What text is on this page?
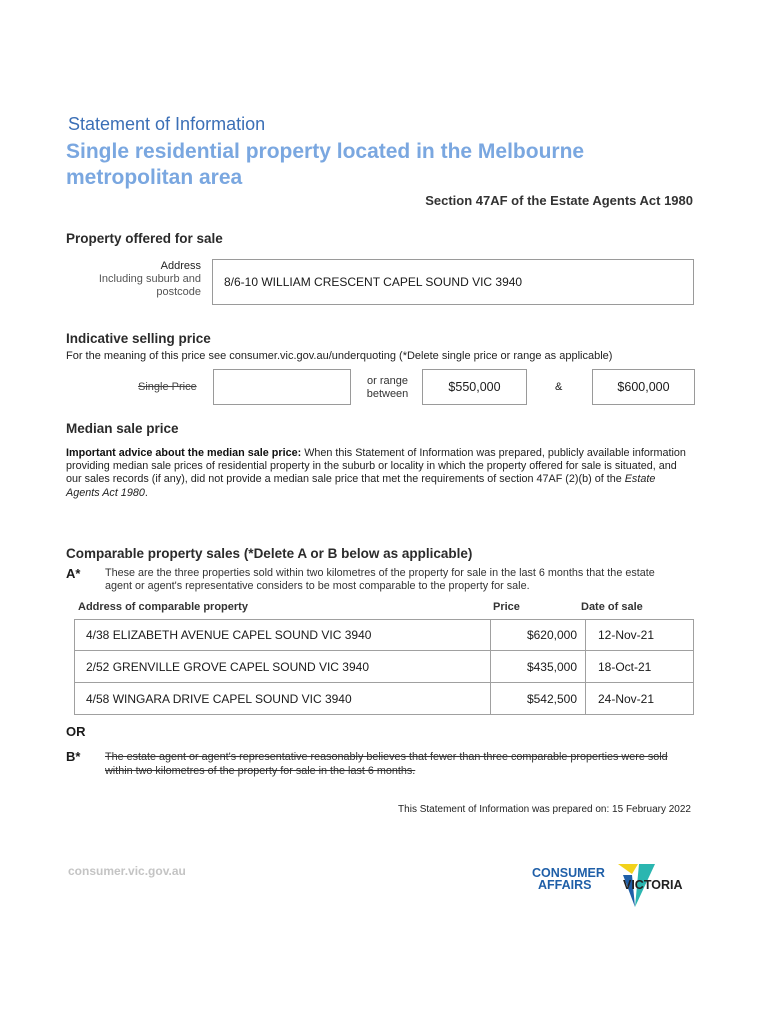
Statement of Information
Single residential property located in the Melbourne metropolitan area
Section 47AF of the Estate Agents Act 1980
Property offered for sale
Address
Including suburb and
postcode
8/6-10 WILLIAM CRESCENT CAPEL SOUND VIC 3940
Indicative selling price
For the meaning of this price see consumer.vic.gov.au/underquoting (*Delete single price or range as applicable)
Single Price	or range
between	$550,000	&	$600,000
Median sale price
Important advice about the median sale price: When this Statement of Information was prepared, publicly available information providing median sale prices of residential property in the suburb or locality in which the property offered for sale is situated, and our sales records (if any), did not provide a median sale price that met the requirements of section 47AF (2)(b) of the Estate Agents Act 1980.
Comparable property sales (*Delete A or B below as applicable)
A* These are the three properties sold within two kilometres of the property for sale in the last 6 months that the estate agent or agent's representative considers to be most comparable to the property for sale.
Address of comparable property	Price	Date of sale
4/38 ELIZABETH AVENUE CAPEL SOUND VIC 3940	$620,000	12-Nov-21
2/52 GRENVILLE GROVE CAPEL SOUND VIC 3940	$435,000	18-Oct-21
4/58 WINGARA DRIVE CAPEL SOUND VIC 3940	$542,500	24-Nov-21
OR
B* The estate agent or agent's representative reasonably believes that fewer than three comparable properties were sold within two kilometres of the property for sale in the last 6 months.
This Statement of Information was prepared on: 15 February 2022
consumer.vic.gov.au	CONSUMER
AFFAIRS	VICTORIA
